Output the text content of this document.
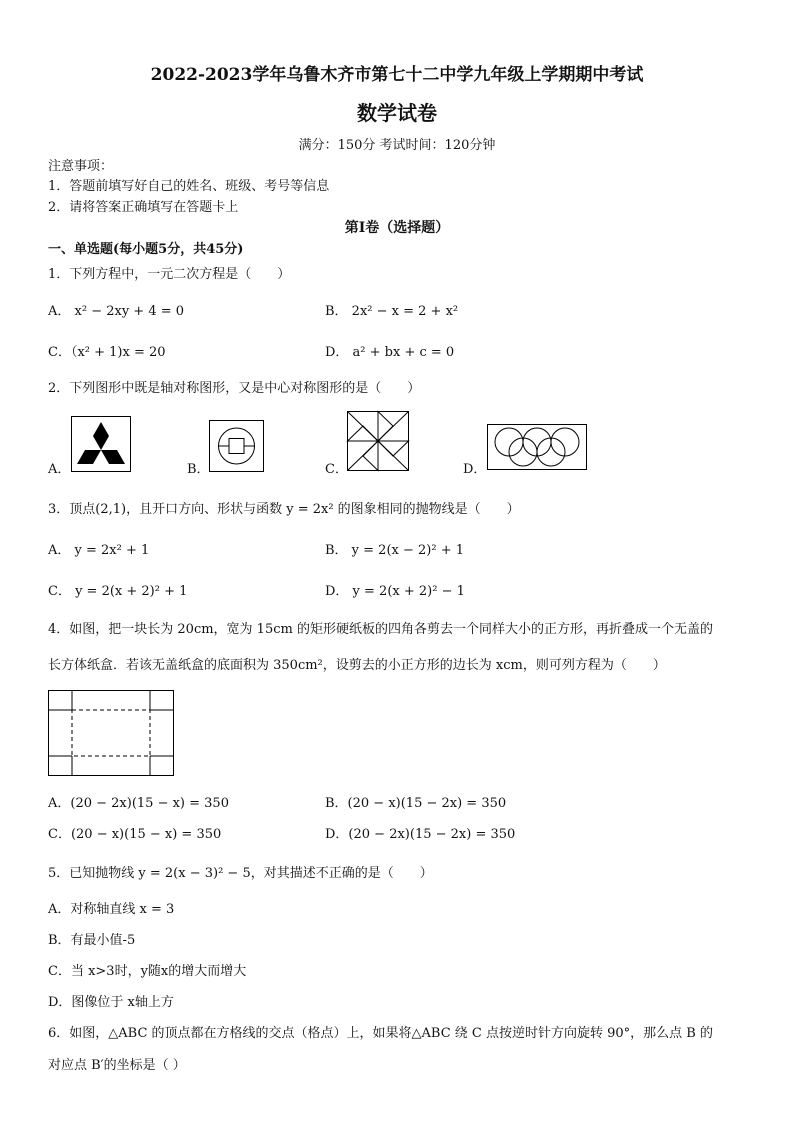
2022-2023学年乌鲁木齐市第七十二中学九年级上学期期中考试
数学试卷
满分：150分 考试时间：120分钟
注意事项：
1．答题前填写好自己的姓名、班级、考号等信息
2．请将答案正确填写在答题卡上
第Ⅰ卷（选择题）
一、单选题(每小题5分，共45分)
1．下列方程中，一元二次方程是（　　）
A． x² − 2xy + 4 = 0	B． 2x² − x = 2 + x²
C．（x² + 1)x = 20	D． a² + bx + c = 0
2．下列图形中既是轴对称图形，又是中心对称图形的是（　　）
A．	B．	C．	D．
3．顶点(2,1)，且开口方向、形状与函数 y = 2x² 的图象相同的抛物线是（　　）
A． y = 2x² + 1	B． y = 2(x − 2)² + 1
C． y = 2(x + 2)² + 1	D． y = 2(x + 2)² − 1
4．如图，把一块长为 20cm，宽为 15cm 的矩形硬纸板的四角各剪去一个同样大小的正方形，再折叠成一个无盖的
长方体纸盒．若该无盖纸盒的底面积为 350cm²，设剪去的小正方形的边长为 xcm，则可列方程为（　　）
A．(20 − 2x)(15 − x) = 350	B．(20 − x)(15 − 2x) = 350
C．(20 − x)(15 − x) = 350	D．(20 − 2x)(15 − 2x) = 350
5．已知抛物线 y = 2(x − 3)² − 5，对其描述不正确的是（　　）
A．对称轴直线 x = 3
B．有最小值-5
C．当 x>3时，y随x的增大而增大
D．图像位于 x轴上方
6．如图，△ABC 的顶点都在方格线的交点（格点）上，如果将△ABC 绕 C 点按逆时针方向旋转 90°，那么点 B 的
对应点 B′的坐标是（ ）
